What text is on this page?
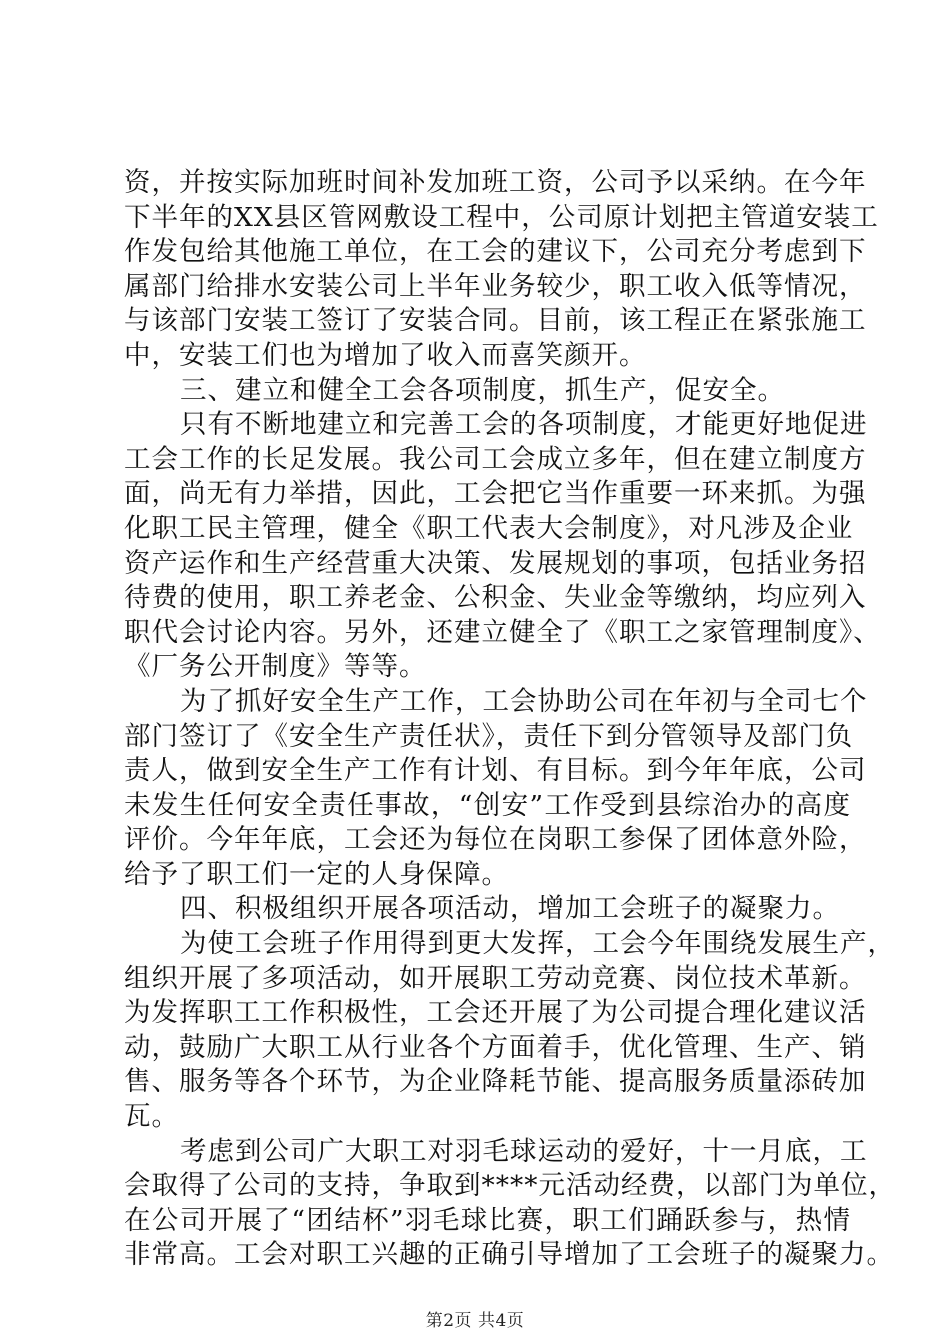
资，并按实际加班时间补发加班工资，公司予以采纳。在今年
下半年的XX县区管网敷设工程中，公司原计划把主管道安装工
作发包给其他施工单位，在工会的建议下，公司充分考虑到下
属部门给排水安装公司上半年业务较少，职工收入低等情况，
与该部门安装工签订了安装合同。目前，该工程正在紧张施工
中，安装工们也为增加了收入而喜笑颜开。
三、建立和健全工会各项制度，抓生产，促安全。
只有不断地建立和完善工会的各项制度，才能更好地促进
工会工作的长足发展。我公司工会成立多年，但在建立制度方
面，尚无有力举措，因此，工会把它当作重要一环来抓。为强
化职工民主管理，健全《职工代表大会制度》，对凡涉及企业
资产运作和生产经营重大决策、发展规划的事项，包括业务招
待费的使用，职工养老金、公积金、失业金等缴纳，均应列入
职代会讨论内容。另外，还建立健全了《职工之家管理制度》、
《厂务公开制度》等等。
为了抓好安全生产工作，工会协助公司在年初与全司七个
部门签订了《安全生产责任状》，责任下到分管领导及部门负
责人，做到安全生产工作有计划、有目标。到今年年底，公司
未发生任何安全责任事故，“创安”工作受到县综治办的高度
评价。今年年底，工会还为每位在岗职工参保了团体意外险，
给予了职工们一定的人身保障。
四、积极组织开展各项活动，增加工会班子的凝聚力。
为使工会班子作用得到更大发挥，工会今年围绕发展生产，
组织开展了多项活动，如开展职工劳动竞赛、岗位技术革新。
为发挥职工工作积极性，工会还开展了为公司提合理化建议活
动，鼓励广大职工从行业各个方面着手，优化管理、生产、销
售、服务等各个环节，为企业降耗节能、提高服务质量添砖加
瓦。
考虑到公司广大职工对羽毛球运动的爱好，十一月底，工
会取得了公司的支持，争取到****元活动经费，以部门为单位，
在公司开展了“团结杯”羽毛球比赛，职工们踊跃参与，热情
非常高。工会对职工兴趣的正确引导增加了工会班子的凝聚力。
第2页 共4页
